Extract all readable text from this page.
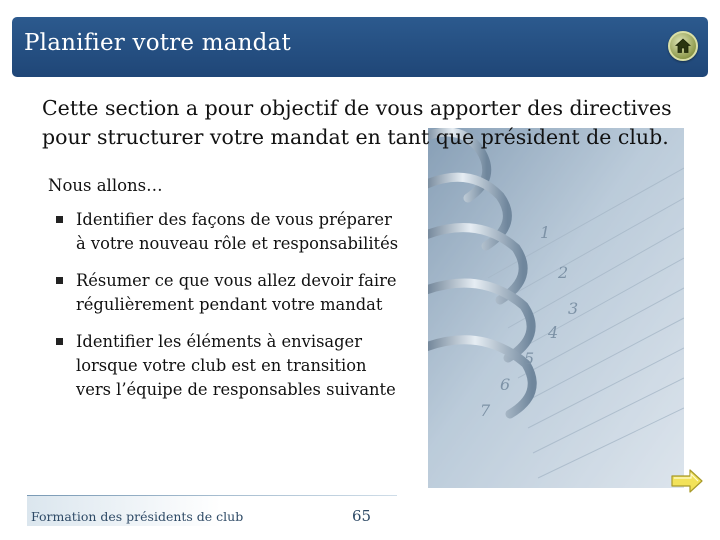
Planifier votre mandat
1
2
3
4
5
6
7
Cette section a pour objectif de vous apporter des directives pour structurer votre mandat en tant que président de club.
Nous allons…
Identifier des façons de vous préparer à votre nouveau rôle et responsabilités
Résumer ce que vous allez devoir faire régulièrement pendant votre mandat
Identifier les éléments à envisager lorsque votre club est en transition vers l’équipe de responsables suivante
Formation des présidents de club	65
